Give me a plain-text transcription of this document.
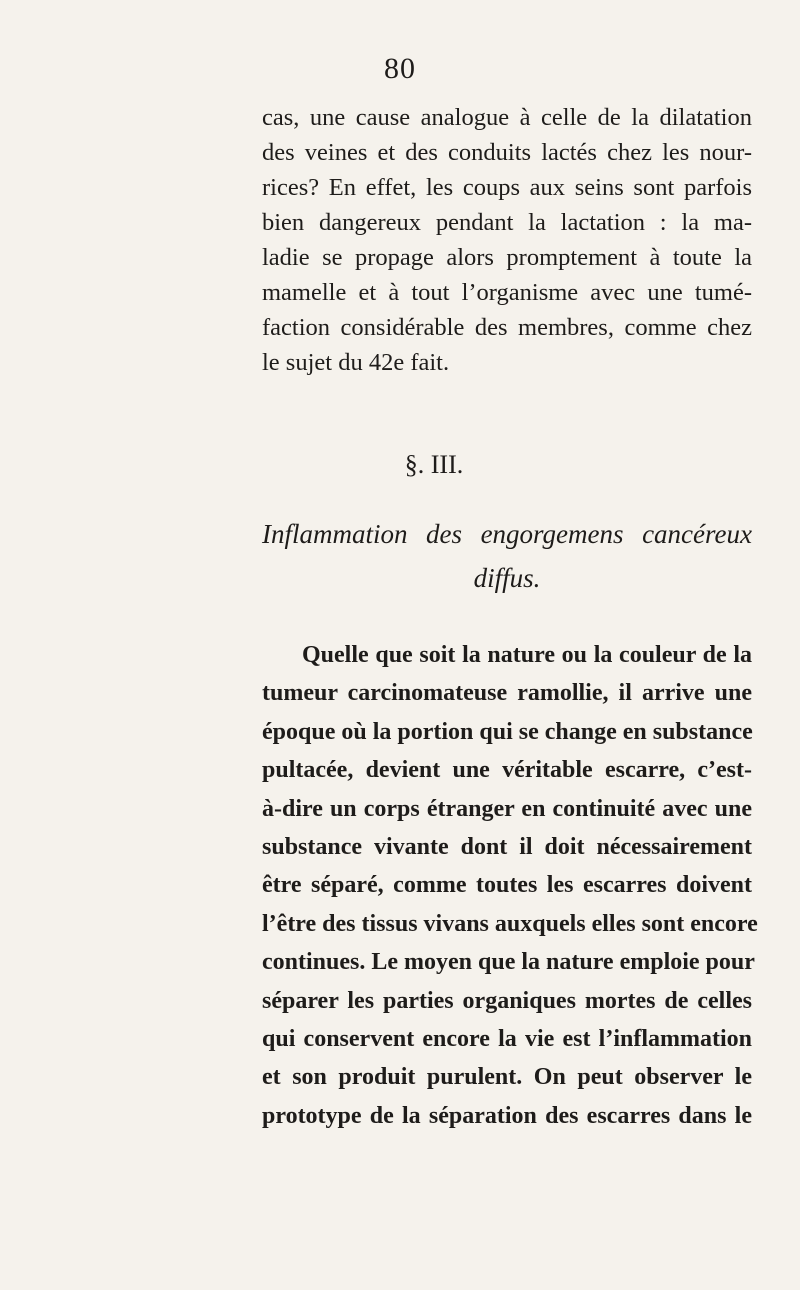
80
cas, une cause analogue à celle de la dilatation
des veines et des conduits lactés chez les nour-
rices? En effet, les coups aux seins sont parfois
bien dangereux pendant la lactation : la ma-
ladie se propage alors promptement à toute la
mamelle et à tout l’organisme avec une tumé-
faction considérable des membres, comme chez
le sujet du 42e fait.
§. III.
Inflammation des engorgemens cancéreux
diffus.
Quelle que soit la nature ou la couleur de la
tumeur carcinomateuse ramollie, il arrive une
époque où la portion qui se change en substance
pultacée, devient une véritable escarre, c’est-
à-dire un corps étranger en continuité avec une
substance vivante dont il doit nécessairement
être séparé, comme toutes les escarres doivent
l’être des tissus vivans auxquels elles sont encore
continues. Le moyen que la nature emploie pour
séparer les parties organiques mortes de celles
qui conservent encore la vie est l’inflammation
et son produit purulent. On peut observer le
prototype de la séparation des escarres dans le
